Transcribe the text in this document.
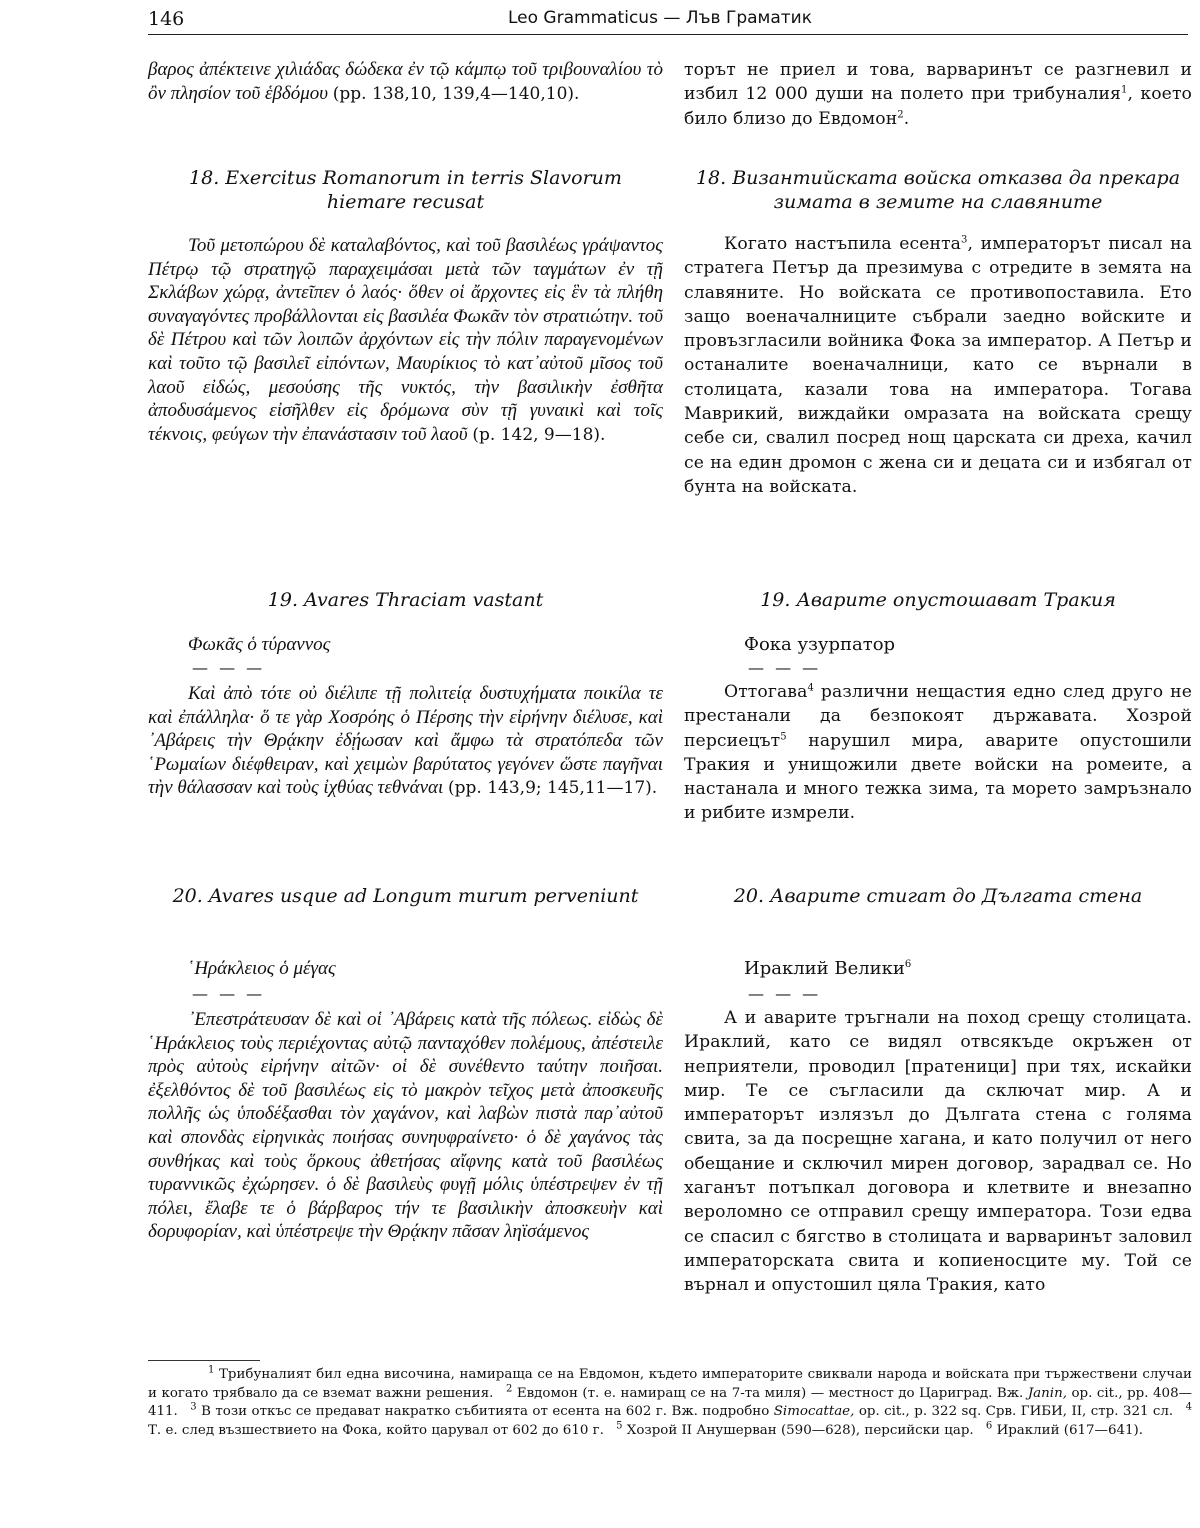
146	Leo Grammaticus — Лъв Граматик

βαρος ἀπέκτεινε χιλιάδας δώδεκα ἐν τῷ κάμπῳ τοῦ τριβουναλίου τὸ ὂν πλησίον τοῦ ἑβδόμου (pp. 138,10, 139,4—140,10).

18. Exercitus Romanorum in terris Slavorum hiemare recusat

Τοῦ μετοπώρου δὲ καταλαβόντος, καὶ τοῦ βασιλέως γράψαντος Πέτρῳ τῷ στρατηγῷ παραχειμάσαι μετὰ τῶν ταγμάτων ἐν τῇ Σκλάβων χώρᾳ, ἀντεῖπεν ὁ λαός· ὅθεν οἱ ἄρχοντες εἰς ἓν τὰ πλήθη συναγαγόντες προβάλλονται εἰς βασιλέα Φωκᾶν τὸν στρατιώτην. τοῦ δὲ Πέτρου καὶ τῶν λοιπῶν ἀρχόντων εἰς τὴν πόλιν παραγενομένων καὶ τοῦτο τῷ βασιλεῖ εἰπόντων, Μαυρίκιος τὸ κατ᾽αὐτοῦ μῖσος τοῦ λαοῦ εἰδώς, μεσούσης τῆς νυκτός, τὴν βασιλικὴν ἐσθῆτα ἀποδυσάμενος εἰσῆλθεν εἰς δρόμωνα σὺν τῇ γυναικὶ καὶ τοῖς τέκνοις, φεύγων τὴν ἐπανάστασιν τοῦ λαοῦ (p. 142, 9—18).

19. Avares Thraciam vastant
Φωκᾶς ὁ τύραννος
— — —

Καὶ ἀπὸ τότε οὐ διέλιπε τῇ πολιτείᾳ δυστυχήματα ποικίλα τε καὶ ἐπάλληλα· ὅ τε γὰρ Χοσρόης ὁ Πέρσης τὴν εἰρήνην διέλυσε, καὶ ᾽Αβάρεις τὴν Θρᾴκην ἐδῄωσαν καὶ ἄμφω τὰ στρατόπεδα τῶν ῾Ρωμαίων διέφθειραν, καὶ χειμὼν βαρύτατος γεγόνεν ὥστε παγῆναι τὴν θάλασσαν καὶ τοὺς ἰχθύας τεθνάναι (pp. 143,9; 145,11—17).

20. Avares usque ad Longum murum perveniunt
῾Ηράκλειος ὁ μέγας
— — —

᾽Επεστράτευσαν δὲ καὶ οἱ ᾽Αβάρεις κατὰ τῆς πόλεως. εἰδὼς δὲ ῾Ηράκλειος τοὺς περιέχοντας αὐτῷ πανταχόθεν πολέμους, ἀπέστειλε πρὸς αὐτοὺς εἰρήνην αἰτῶν· οἱ δὲ συνέθεντο ταύτην ποιῆσαι. ἐξελθόντος δὲ τοῦ βασιλέως εἰς τὸ μακρὸν τεῖχος μετὰ ἀποσκευῆς πολλῆς ὡς ὑποδέξασθαι τὸν χαγάνον, καὶ λαβὼν πιστὰ παρ᾽αὐτοῦ καὶ σπονδὰς εἰρηνικὰς ποιήσας συνηυφραίνετο· ὁ δὲ χαγάνος τὰς συνθήκας καὶ τοὺς ὅρκους ἀθετήσας αἴφνης κατὰ τοῦ βασιλέως τυραννικῶς ἐχώρησεν. ὁ δὲ βασιλεὺς φυγῇ μόλις ὑπέστρεψεν ἐν τῇ πόλει, ἔλαβε τε ὁ βάρβαρος τήν τε βασιλικὴν ἀποσκευὴν καὶ δορυφορίαν, καὶ ὑπέστρεψε τὴν Θρᾴκην πᾶσαν ληϊσάμενος

торът не приел и това, варваринът се разгневил и избил 12 000 души на полето при трибуналия$^1$, което било близо до Евдомон$^2$.

18. Византийската войска отказва да прекара зимата в земите на славяните

Когато настъпила есента$^3$, императорът писал на стратега Петър да презимува с отредите в земята на славяните. Но войската се противопоставила. Ето защо военачалниците събрали заедно войските и провъзгласили войника Фока за император. А Петър и останалите военачалници, като се върнали в столицата, казали това на императора. Тогава Маврикий, виждайки омразата на войската срещу себе си, свалил посред нощ царската си дреха, качил се на един дромон с жена си и децата си и избягал от бунта на войската.

19. Аварите опустошават Тракия
Фока узурпатор
— — —

Оттогава$^4$ различни нещастия едно след друго не престанали да безпокоят държавата. Хозрой персиецът$^5$ нарушил мира, аварите опустошили Тракия и унищожили двете войски на ромеите, а настанала и много тежка зима, та морето замръзнало и рибите измрели.

20. Аварите стигат до Дългата стена
Ираклий Велики$^6$
— — —

А и аварите тръгнали на поход срещу столицата. Ираклий, като се видял отвсякъде окръжен от неприятели, проводил [пратеници] при тях, искайки мир. Те се съгласили да сключат мир. А и императорът излязъл до Дългата стена с голяма свита, за да посрещне хагана, и като получил от него обещание и сключил мирен договор, зарадвал се. Но хаганът потъпкал договора и клетвите и внезапно вероломно се отправил срещу императора. Този едва се спасил с бягство в столицата и варваринът заловил императорската свита и копиеносците му. Той се върнал и опустошил цяла Тракия, като

$^1$ Трибуналият бил една височина, намираща се на Евдомон, където императорите свиквали народа и войската при тържествени случаи и когато трябвало да се вземат важни решения. $^2$ Евдомон (т. е. намиращ се на 7-та миля) — местност до Цариград. Вж. Janin, op. cit., pp. 408—411. $^3$ В този откъс се предават накратко събитията от есента на 602 г. Вж. подробно Simocattae, op. cit., p. 322 sq. Срв. ГИБИ, II, стр. 321 сл. $^4$ Т. е. след възшествието на Фока, който царувал от 602 до 610 г. $^5$ Хозрой II Анушерван (590—628), персийски цар. $^6$ Ираклий (617—641).
